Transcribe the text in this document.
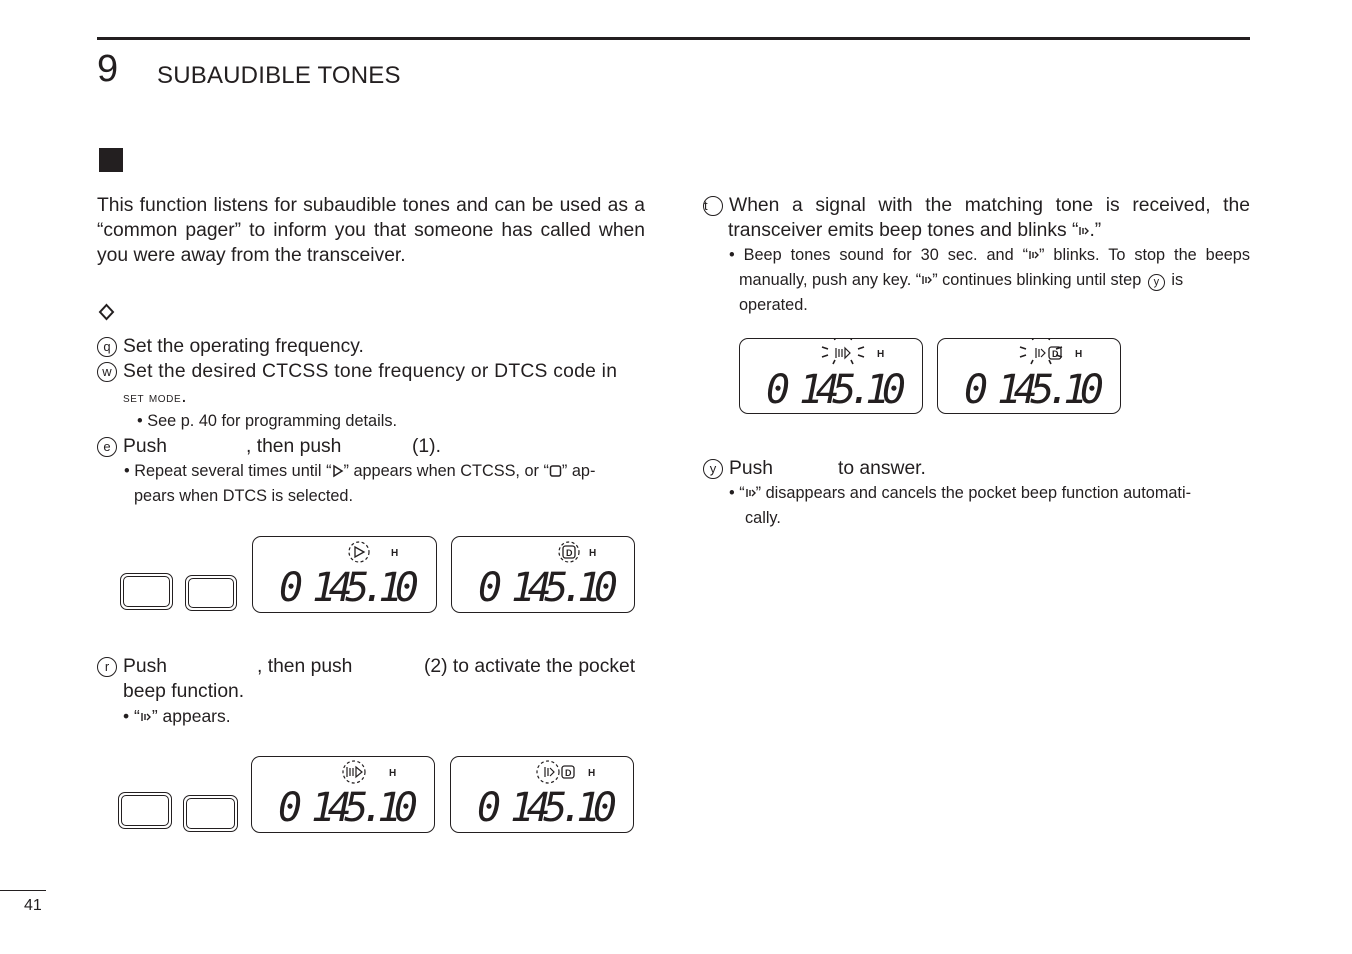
9 SUBAUDIBLE TONES
This function listens for subaudible tones and can be used as a “common pager” to inform you that someone has called when you were away from the transceiver.
q Set the operating frequency.
w Set the desired CTCSS tone frequency or DTCS code in
set mode.
• See p. 40 for programming details.
e Push	, then push	(1).
• Repeat several times until “ ” appears when CTCSS, or “ ” ap-
pears when DTCS is selected.
H
0 145.10
D H
0 145.10
r Push	, then push	(2) to activate the pocket
beep function.
• “ ” appears.
H
0 145.10
D H
0 145.10
t When a signal with the matching tone is received, the
transceiver emits beep tones and blinks “ .”
• Beep tones sound for 30 sec. and “ ” blinks. To stop the beeps
manually, push any key. “ ” continues blinking until step y is
operated.
H
0 145.10
D H
0 145.10
y Push	to answer.
• “ ” disappears and cancels the pocket beep function automati-
cally.
41
